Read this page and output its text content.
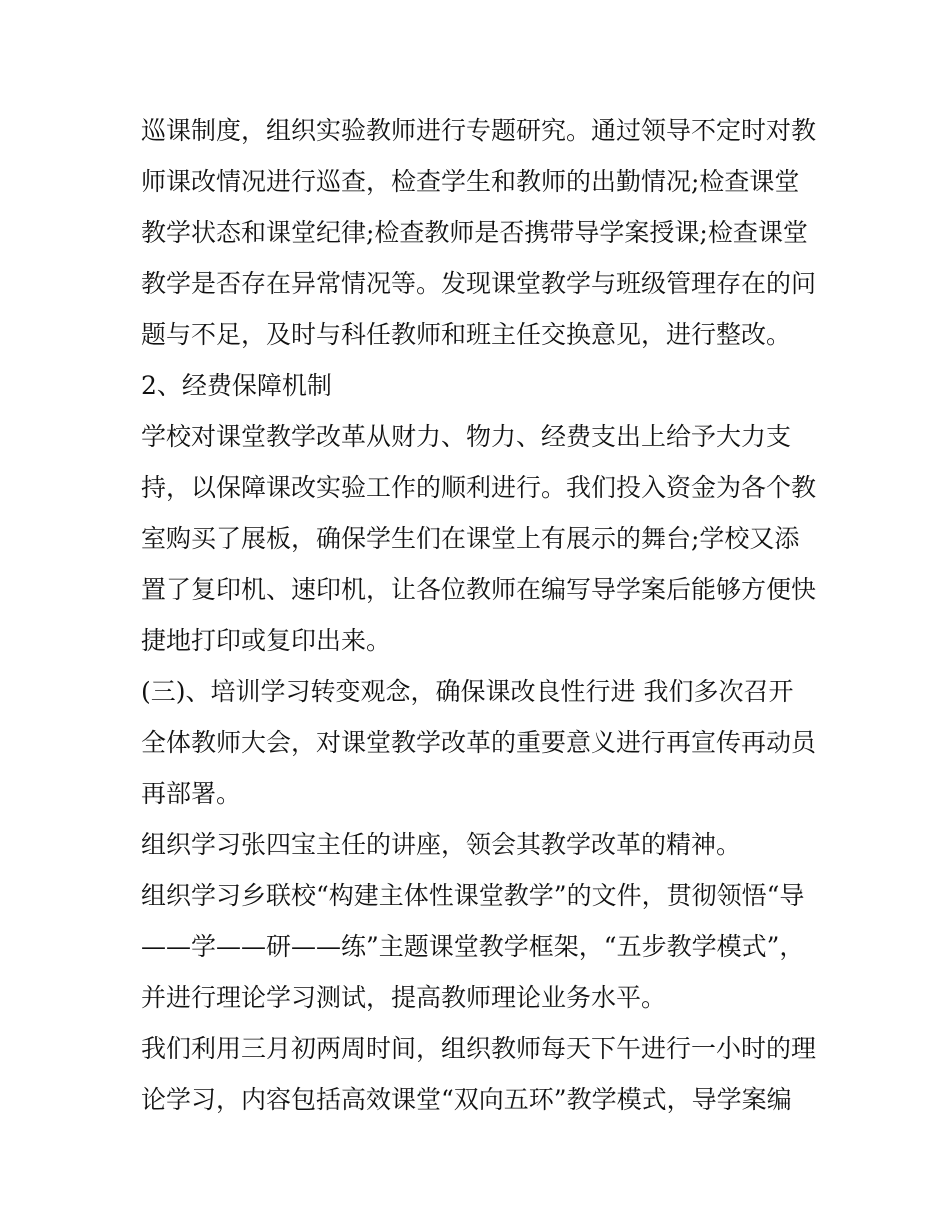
巡课制度，组织实验教师进行专题研究。通过领导不定时对教
师课改情况进行巡查，检查学生和教师的出勤情况;检查课堂
教学状态和课堂纪律;检查教师是否携带导学案授课;检查课堂
教学是否存在异常情况等。发现课堂教学与班级管理存在的问
题与不足，及时与科任教师和班主任交换意见，进行整改。
2、经费保障机制
学校对课堂教学改革从财力、物力、经费支出上给予大力支
持，以保障课改实验工作的顺利进行。我们投入资金为各个教
室购买了展板，确保学生们在课堂上有展示的舞台;学校又添
置了复印机、速印机，让各位教师在编写导学案后能够方便快
捷地打印或复印出来。
(三)、培训学习转变观念，确保课改良性行进 我们多次召开
全体教师大会，对课堂教学改革的重要意义进行再宣传再动员
再部署。
组织学习张四宝主任的讲座，领会其教学改革的精神。
组织学习乡联校“构建主体性课堂教学”的文件，贯彻领悟“导
——学——研——练”主题课堂教学框架，“五步教学模式”，
并进行理论学习测试，提高教师理论业务水平。
我们利用三月初两周时间，组织教师每天下午进行一小时的理
论学习，内容包括高效课堂“双向五环”教学模式，导学案编
